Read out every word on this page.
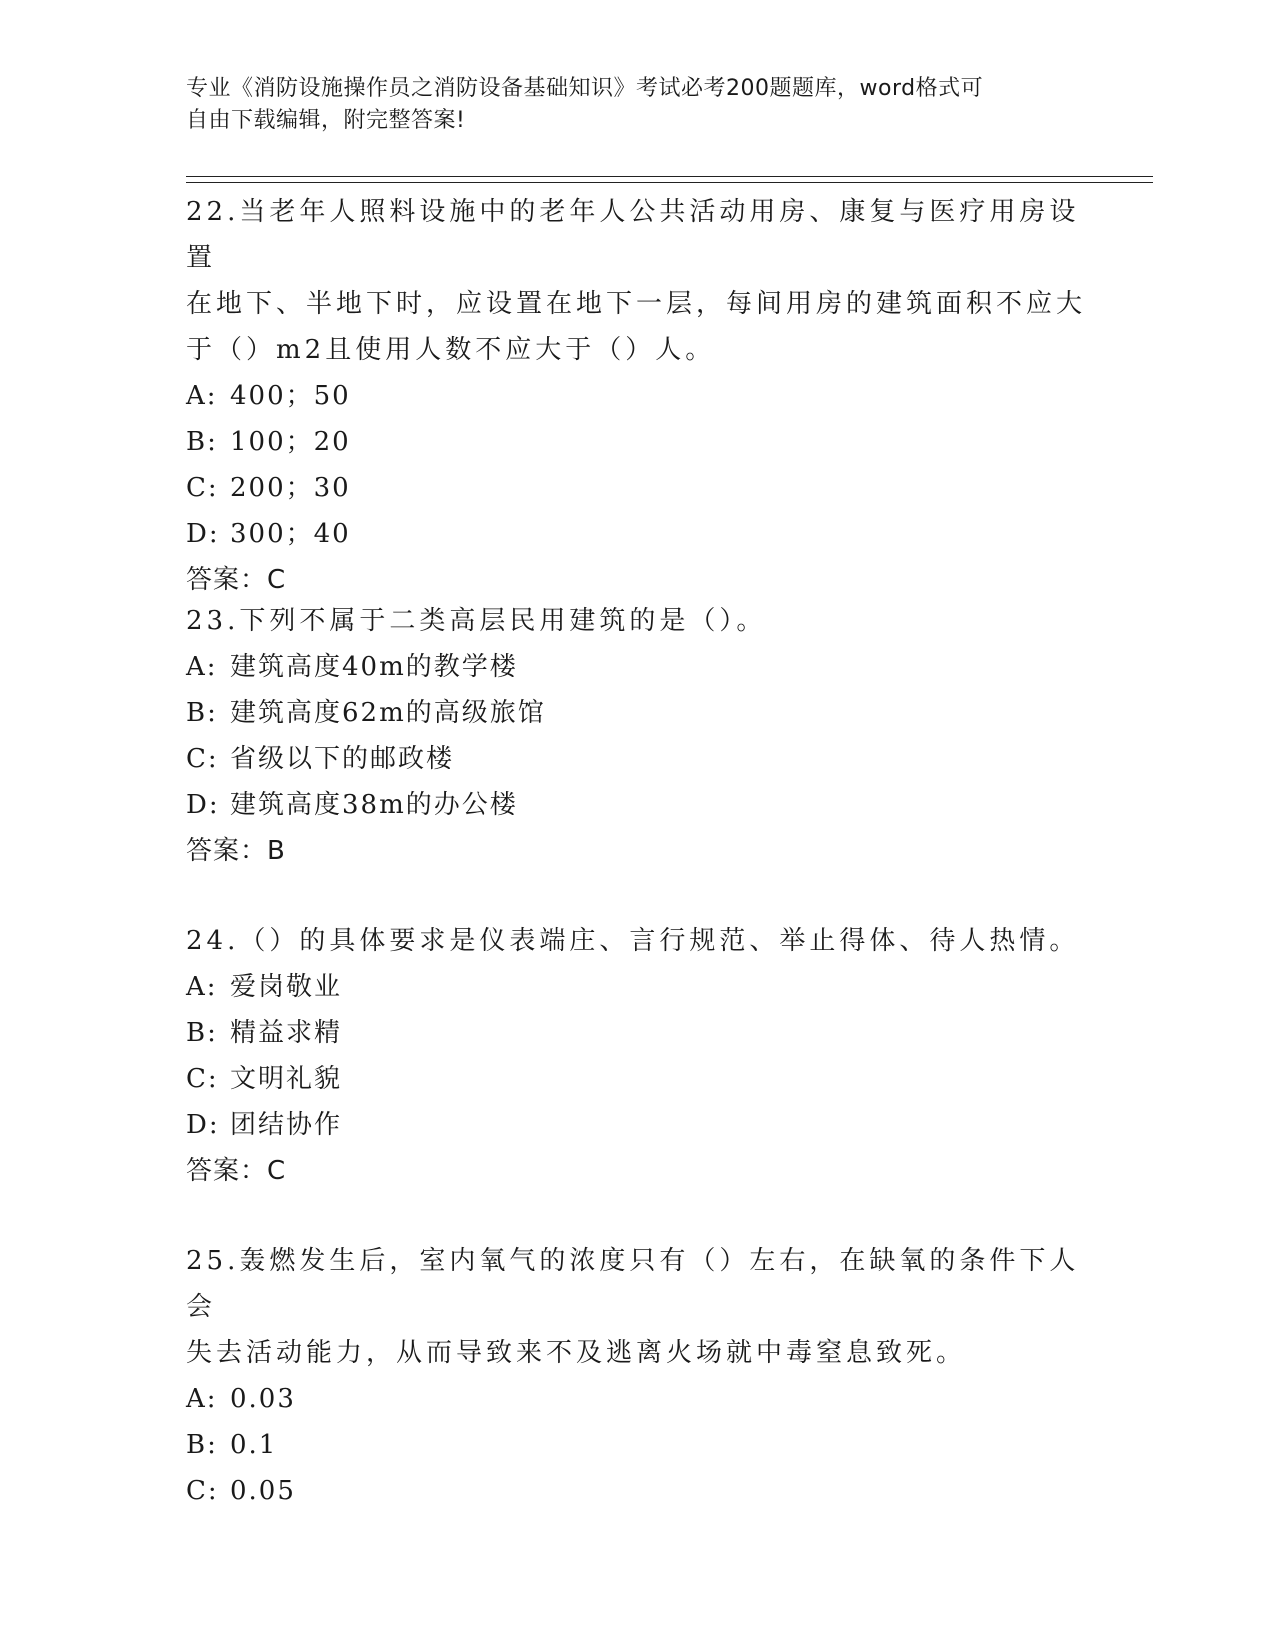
专业《消防设施操作员之消防设备基础知识》考试必考200题题库，word格式可
自由下载编辑，附完整答案!

22.当老年人照料设施中的老年人公共活动用房、康复与医疗用房设置

在地下、半地下时，应设置在地下一层，每间用房的建筑面积不应大

于（）m2且使用人数不应大于（）人。

A: 400；50

B: 100；20

C: 200；30

D: 300；40

答案：C

23.下列不属于二类高层民用建筑的是（）。

A: 建筑高度40m的教学楼

B: 建筑高度62m的高级旅馆

C: 省级以下的邮政楼

D: 建筑高度38m的办公楼

答案：B

24.（）的具体要求是仪表端庄、言行规范、举止得体、待人热情。

A: 爱岗敬业

B: 精益求精

C: 文明礼貌

D: 团结协作

答案：C

25.轰燃发生后，室内氧气的浓度只有（）左右，在缺氧的条件下人会

失去活动能力，从而导致来不及逃离火场就中毒窒息致死。

A: 0.03

B: 0.1

C: 0.05
